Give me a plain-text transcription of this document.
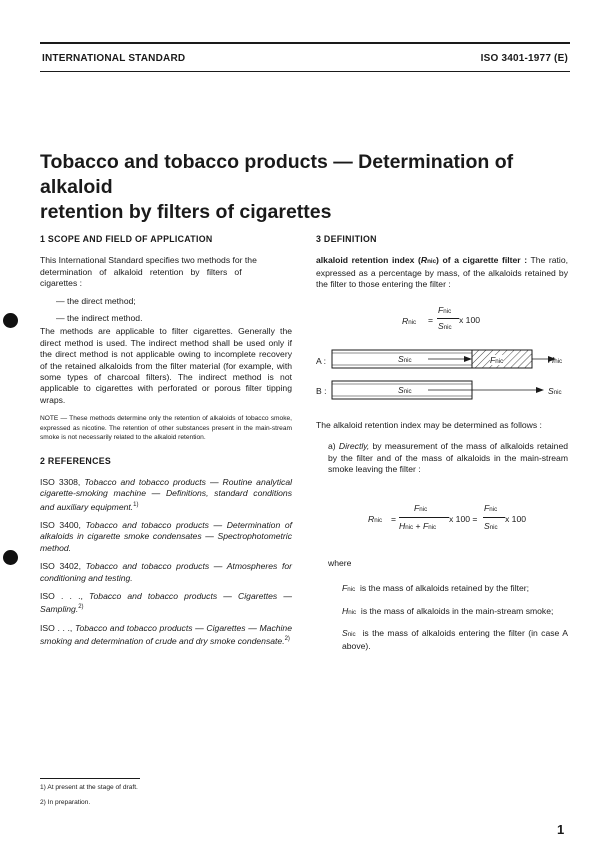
INTERNATIONAL STANDARD	ISO 3401-1977 (E)
Tobacco and tobacco products — Determination of alkaloid
retention by filters of cigarettes
1 SCOPE AND FIELD OF APPLICATION
This International Standard specifies two methods for the
determination   of   alkaloid   retention   by   filters   of
cigarettes :
— the direct method;
— the indirect method.
The methods are applicable to filter cigarettes. Generally the direct method is used. The indirect method shall be used only if the direct method is not applicable owing to incomplete recovery of the retained alkaloids from the filter material (for example, with some types of charcoal filters). The indirect method is not applicable to cigarettes with perforated or porous filter tipping wraps.
NOTE — These methods determine only the retention of alkaloids of tobacco smoke, expressed as nicotine. The retention of other substances present in the main-stream smoke is not necessarily related to the alkaloid retention.
2 REFERENCES
ISO 3308, Tobacco and tobacco products — Routine analytical cigarette-smoking machine — Definitions, standard conditions and auxiliary equipment.$^{1)}$
ISO 3400, Tobacco and tobacco products — Determination of alkaloids in cigarette smoke condensates — Spectrophotometric method.
ISO 3402, Tobacco and tobacco products — Atmospheres for conditioning and testing.
ISO . . ., Tobacco and tobacco products — Cigarettes — Sampling.$^{2)}$
ISO . . ., Tobacco and tobacco products — Cigarettes — Machine smoking and determination of crude and dry smoke condensate.$^{2)}$
3 DEFINITION
alkaloid retention index (Rnic) of a cigarette filter : The ratio, expressed as a percentage by mass, of the alkaloids retained by the filter to those entering the filter :
Rnic =
Fnic
Snic
x 100
A :
B :
Snic	Fnic	Hnic
Snic	Snic
The alkaloid retention index may be determined as follows :
a) Directly, by measurement of the mass of alkaloids retained by the filter and of the mass of alkaloids in the main-stream smoke leaving the filter :
Rnic =
Fnic
Hnic + Fnic
x 100 =
Fnic
Snic
x 100
where
Fnic is the mass of alkaloids retained by the filter;
Hnic is the mass of alkaloids in the main-stream smoke;
Snic is the mass of alkaloids entering the filter (in case A above).
1) At present at the stage of draft.
2) In preparation.
1
